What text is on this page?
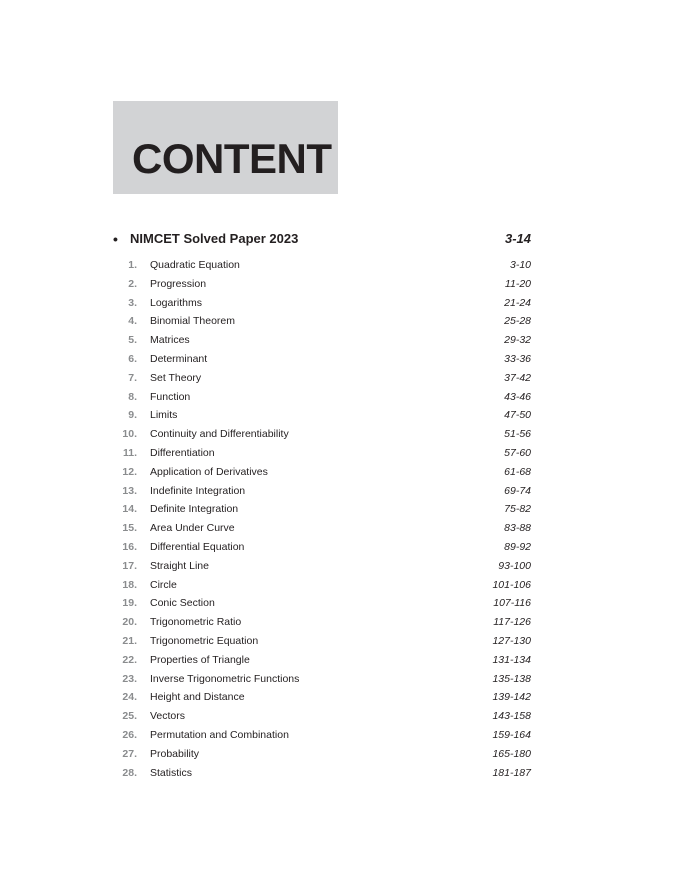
CONTENT
• NIMCET Solved Paper 2023	3-14
1. Quadratic Equation	3-10
2. Progression	11-20
3. Logarithms	21-24
4. Binomial Theorem	25-28
5. Matrices	29-32
6. Determinant	33-36
7. Set Theory	37-42
8. Function	43-46
9. Limits	47-50
10. Continuity and Differentiability	51-56
11. Differentiation	57-60
12. Application of Derivatives	61-68
13. Indefinite Integration	69-74
14. Definite Integration	75-82
15. Area Under Curve	83-88
16. Differential Equation	89-92
17. Straight Line	93-100
18. Circle	101-106
19. Conic Section	107-116
20. Trigonometric Ratio	117-126
21. Trigonometric Equation	127-130
22. Properties of Triangle	131-134
23. Inverse Trigonometric Functions	135-138
24. Height and Distance	139-142
25. Vectors	143-158
26. Permutation and Combination	159-164
27. Probability	165-180
28. Statistics	181-187
